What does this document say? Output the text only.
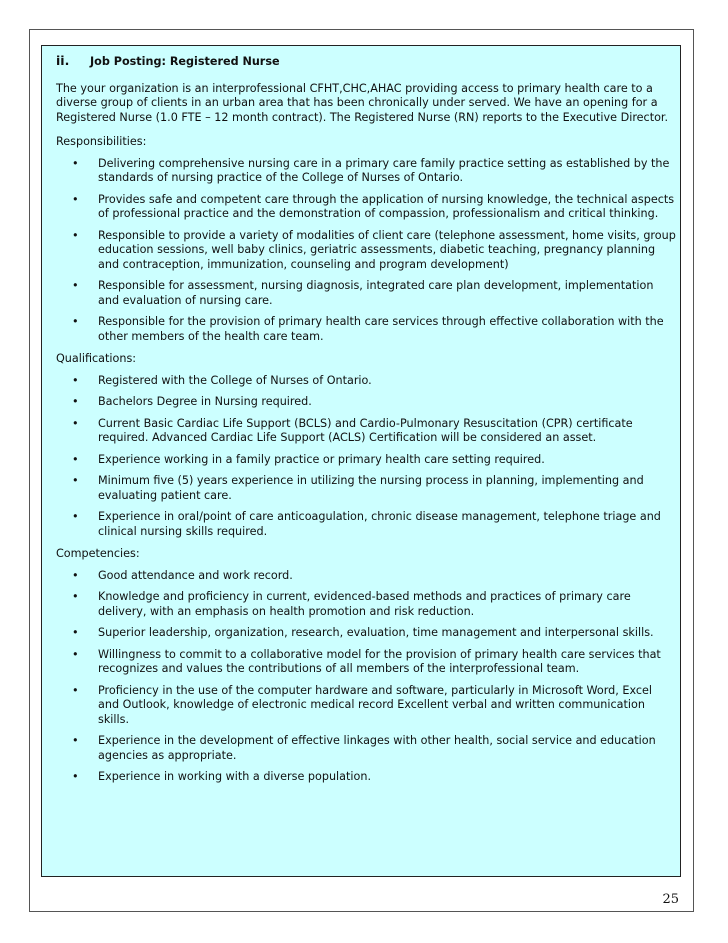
ii.	Job Posting: Registered Nurse

The your organization is an interprofessional CFHT,CHC,AHAC providing access to primary health care to a diverse group of clients in an urban area that has been chronically under served. We have an opening for a Registered Nurse (1.0 FTE – 12 month contract). The Registered Nurse (RN) reports to the Executive Director.

Responsibilities:
•	Delivering comprehensive nursing care in a primary care family practice setting as established by the standards of nursing practice of the College of Nurses of Ontario.
•	Provides safe and competent care through the application of nursing knowledge, the technical aspects of professional practice and the demonstration of compassion, professionalism and critical thinking.
•	Responsible to provide a variety of modalities of client care (telephone assessment, home visits, group education sessions, well baby clinics, geriatric assessments, diabetic teaching, pregnancy planning and contraception, immunization, counseling and program development)
•	Responsible for assessment, nursing diagnosis, integrated care plan development, implementation and evaluation of nursing care.
•	Responsible for the provision of primary health care services through effective collaboration with the other members of the health care team.
Qualifications:
•	Registered with the College of Nurses of Ontario.
•	Bachelors Degree in Nursing required.
•	Current Basic Cardiac Life Support (BCLS) and Cardio-Pulmonary Resuscitation (CPR) certificate required. Advanced Cardiac Life Support (ACLS) Certification will be considered an asset.
•	Experience working in a family practice or primary health care setting required.
•	Minimum five (5) years experience in utilizing the nursing process in planning, implementing and evaluating patient care.
•	Experience in oral/point of care anticoagulation, chronic disease management, telephone triage and clinical nursing skills required.
Competencies:
•	Good attendance and work record.
•	Knowledge and proficiency in current, evidenced-based methods and practices of primary care delivery, with an emphasis on health promotion and risk reduction.
•	Superior leadership, organization, research, evaluation, time management and interpersonal skills.
•	Willingness to commit to a collaborative model for the provision of primary health care services that recognizes and values the contributions of all members of the interprofessional team.
•	Proficiency in the use of the computer hardware and software, particularly in Microsoft Word, Excel and Outlook, knowledge of electronic medical record Excellent verbal and written communication skills.
•	Experience in the development of effective linkages with other health, social service and education agencies as appropriate.
•	Experience in working with a diverse population.
25
